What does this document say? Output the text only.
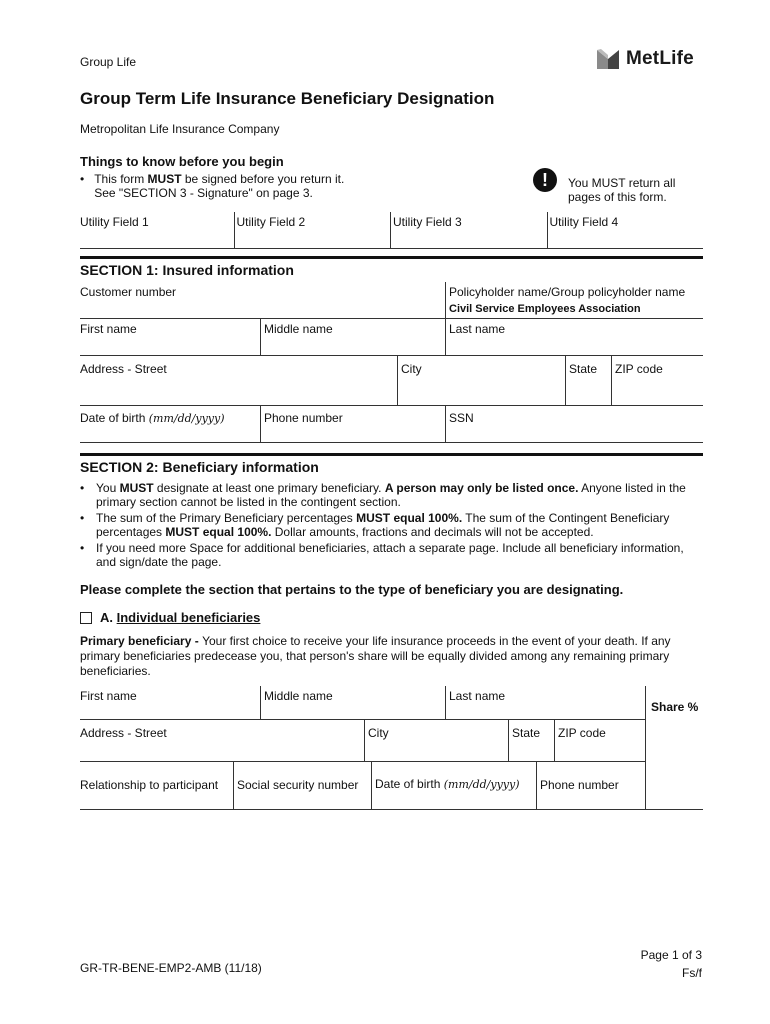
Group Life	MetLife
Group Term Life Insurance Beneficiary Designation
Metropolitan Life Insurance Company
Things to know before you begin
• This form MUST be signed before you return it.
See "SECTION 3 - Signature" on page 3.
!	You MUST return all pages of this form.
Utility Field 1	Utility Field 2	Utility Field 3	Utility Field 4
SECTION 1: Insured information
Customer number	Policyholder name/Group policyholder name
Civil Service Employees Association
First name	Middle name	Last name
Address - Street	City	State	ZIP code
Date of birth (mm/dd/yyyy)	Phone number	SSN
SECTION 2: Beneficiary information
• You MUST designate at least one primary beneficiary. A person may only be listed once. Anyone listed in the primary section cannot be listed in the contingent section.
• The sum of the Primary Beneficiary percentages MUST equal 100%. The sum of the Contingent Beneficiary percentages MUST equal 100%. Dollar amounts, fractions and decimals will not be accepted.
• If you need more Space for additional beneficiaries, attach a separate page. Include all beneficiary information, and sign/date the page.
Please complete the section that pertains to the type of beneficiary you are designating.
A. Individual beneficiaries
Primary beneficiary - Your first choice to receive your life insurance proceeds in the event of your death. If any primary beneficiaries predecease you, that person's share will be equally divided among any remaining primary beneficiaries.
First name	Middle name	Last name
Address - Street	City	State	ZIP code
Relationship to participant	Social security number	Date of birth (mm/dd/yyyy)	Phone number
Share %
GR-TR-BENE-EMP2-AMB (11/18)
Page 1 of 3
Fs/f
